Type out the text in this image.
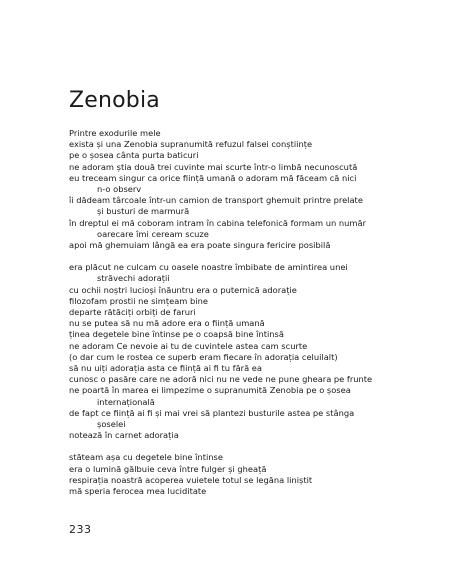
Zenobia
Printre exodurile mele
exista și una Zenobia supranumită refuzul falsei conștiințe
pe o șosea cânta purta baticuri
ne adoram știa două trei cuvinte mai scurte într-o limbă necunoscută
eu treceam singur ca orice ființă umană o adoram mă făceam că nici
n-o observ
îi dădeam târcoale într-un camion de transport ghemuit printre prelate
și busturi de marmură
în dreptul ei mă coboram intram în cabina telefonică formam un număr
oarecare îmi ceream scuze
apoi mă ghemuiam lângă ea era poate singura fericire posibilă
era plăcut ne culcam cu oasele noastre îmbibate de amintirea unei
străvechi adorații
cu ochii noștri lucioși înăuntru era o puternică adorație
filozofam prostii ne simțeam bine
departe rătăciți orbiți de faruri
nu se putea să nu mă adore era o ființă umană
ținea degetele bine întinse pe o coapsă bine întinsă
ne adoram Ce nevoie ai tu de cuvintele astea cam scurte
(o dar cum le rostea ce superb eram fiecare în adorația celuilalt)
să nu uiți adorația asta ce ființă ai fi tu fără ea
cunosc o pasăre care ne adoră nici nu ne vede ne pune gheara pe frunte
ne poartă în marea ei limpezime o supranumită Zenobia pe o șosea
internațională
de fapt ce ființă ai fi și mai vrei să plantezi busturile astea pe stânga
șoselei
notează în carnet adorația
stăteam așa cu degetele bine întinse
era o lumină gălbuie ceva între fulger și gheață
respirația noastră acoperea vuietele totul se legăna liniștit
mă speria ferocea mea luciditate
233
